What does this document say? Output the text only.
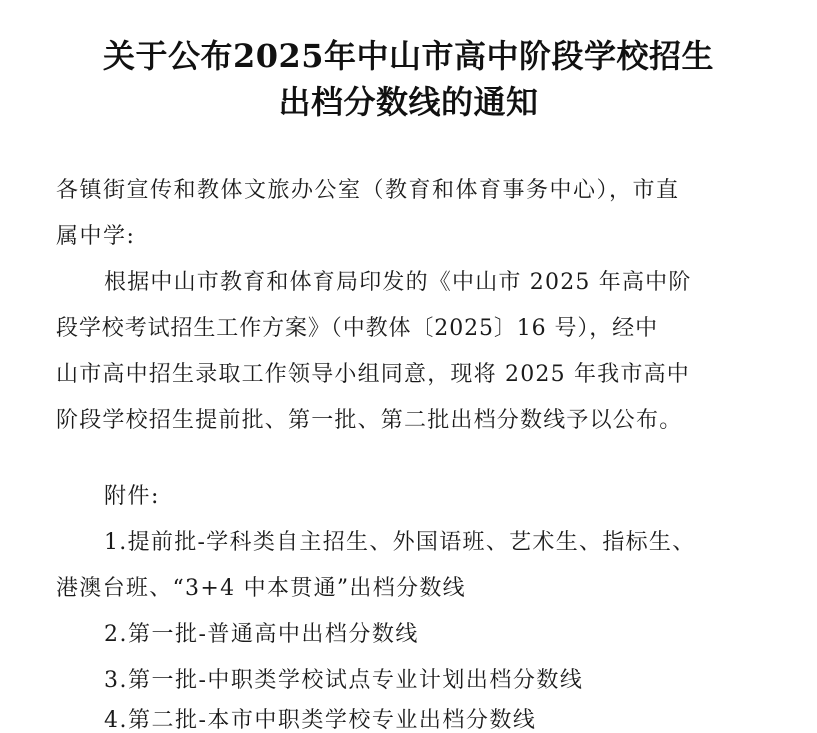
关于公布2025年中山市高中阶段学校招生
出档分数线的通知
各镇街宣传和教体文旅办公室（教育和体育事务中心），市直
属中学:
根据中山市教育和体育局印发的《中山市 2025 年高中阶
段学校考试招生工作方案》（中教体〔2025〕16 号），经中
山市高中招生录取工作领导小组同意，现将 2025 年我市高中
阶段学校招生提前批、第一批、第二批出档分数线予以公布。
附件:
1.提前批-学科类自主招生、外国语班、艺术生、指标生、
港澳台班、“3+4 中本贯通”出档分数线
2.第一批-普通高中出档分数线
3.第一批-中职类学校试点专业计划出档分数线
4.第二批-本市中职类学校专业出档分数线
